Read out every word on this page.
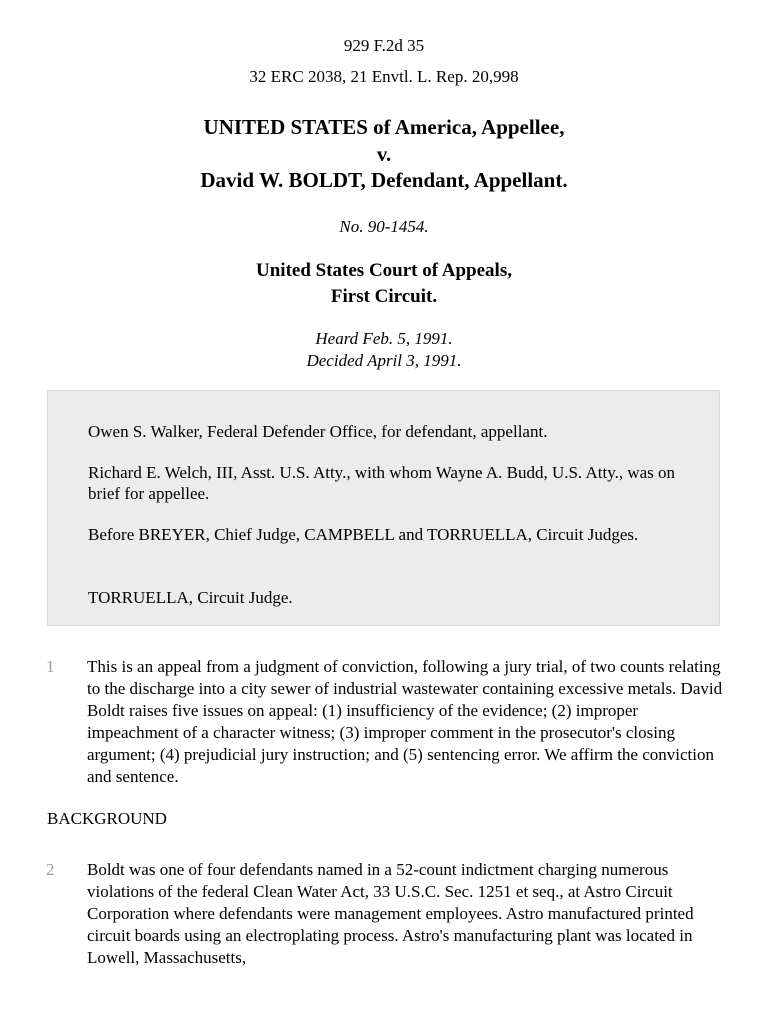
929 F.2d 35
32 ERC 2038, 21 Envtl. L. Rep. 20,998
UNITED STATES of America, Appellee,
v.
David W. BOLDT, Defendant, Appellant.
No. 90-1454.
United States Court of Appeals,
First Circuit.
Heard Feb. 5, 1991.
Decided April 3, 1991.

Owen S. Walker, Federal Defender Office, for defendant, appellant.

Richard E. Welch, III, Asst. U.S. Atty., with whom Wayne A. Budd, U.S. Atty., was on brief for appellee.

Before BREYER, Chief Judge, CAMPBELL and TORRUELLA, Circuit Judges.

TORRUELLA, Circuit Judge.

1 This is an appeal from a judgment of conviction, following a jury trial, of two counts relating to the discharge into a city sewer of industrial wastewater containing excessive metals. David Boldt raises five issues on appeal: (1) insufficiency of the evidence; (2) improper impeachment of a character witness; (3) improper comment in the prosecutor's closing argument; (4) prejudicial jury instruction; and (5) sentencing error. We affirm the conviction and sentence.

BACKGROUND
2 Boldt was one of four defendants named in a 52-count indictment charging numerous violations of the federal Clean Water Act, 33 U.S.C. Sec. 1251 et seq., at Astro Circuit Corporation where defendants were management employees. Astro manufactured printed circuit boards using an electroplating process. Astro's manufacturing plant was located in Lowell, Massachusetts,
